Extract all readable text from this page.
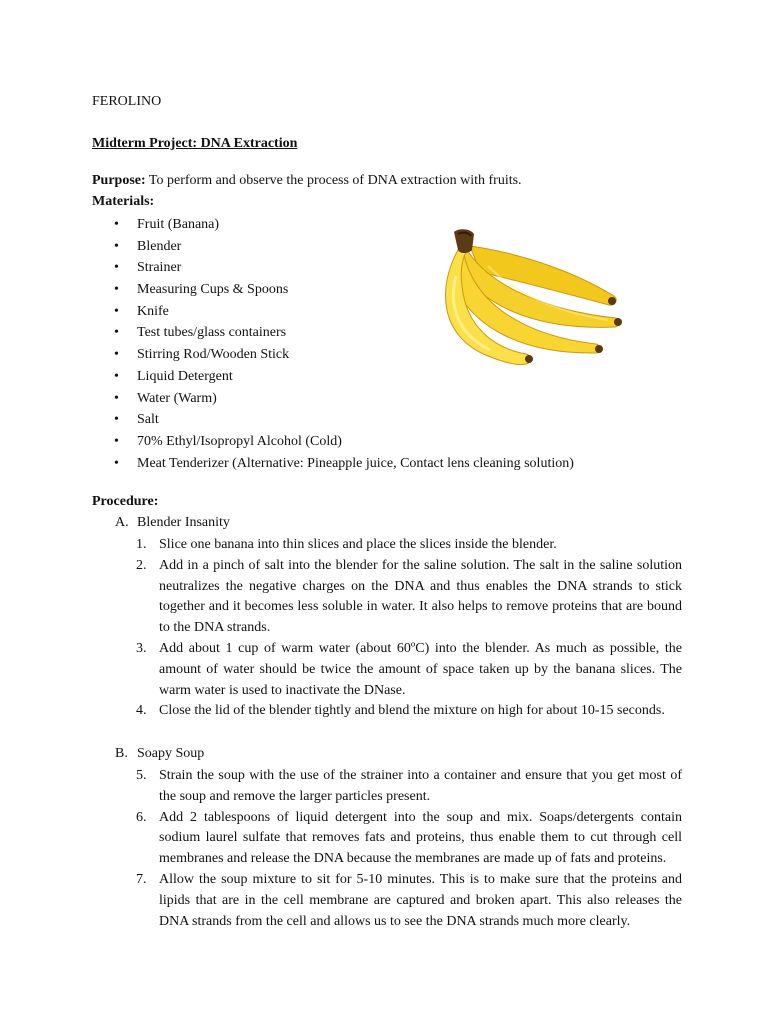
FEROLINO
Midterm Project: DNA Extraction
Purpose: To perform and observe the process of DNA extraction with fruits.
Materials:
• Fruit (Banana)
• Blender
• Strainer
• Measuring Cups & Spoons
• Knife
• Test tubes/glass containers
• Stirring Rod/Wooden Stick
• Liquid Detergent
• Water (Warm)
• Salt
• 70% Ethyl/Isopropyl Alcohol (Cold)
• Meat Tenderizer (Alternative: Pineapple juice, Contact lens cleaning solution)
Procedure:
A. Blender Insanity
1. Slice one banana into thin slices and place the slices inside the blender.
2. Add in a pinch of salt into the blender for the saline solution. The salt in the saline solution neutralizes the negative charges on the DNA and thus enables the DNA strands to stick together and it becomes less soluble in water. It also helps to remove proteins that are bound to the DNA strands.
3. Add about 1 cup of warm water (about 60ºC) into the blender. As much as possible, the amount of water should be twice the amount of space taken up by the banana slices. The warm water is used to inactivate the DNase.
4. Close the lid of the blender tightly and blend the mixture on high for about 10-15 seconds.
B. Soapy Soup
5. Strain the soup with the use of the strainer into a container and ensure that you get most of the soup and remove the larger particles present.
6. Add 2 tablespoons of liquid detergent into the soup and mix. Soaps/detergents contain sodium laurel sulfate that removes fats and proteins, thus enable them to cut through cell membranes and release the DNA because the membranes are made up of fats and proteins.
7. Allow the soup mixture to sit for 5-10 minutes. This is to make sure that the proteins and lipids that are in the cell membrane are captured and broken apart. This also releases the DNA strands from the cell and allows us to see the DNA strands much more clearly.
